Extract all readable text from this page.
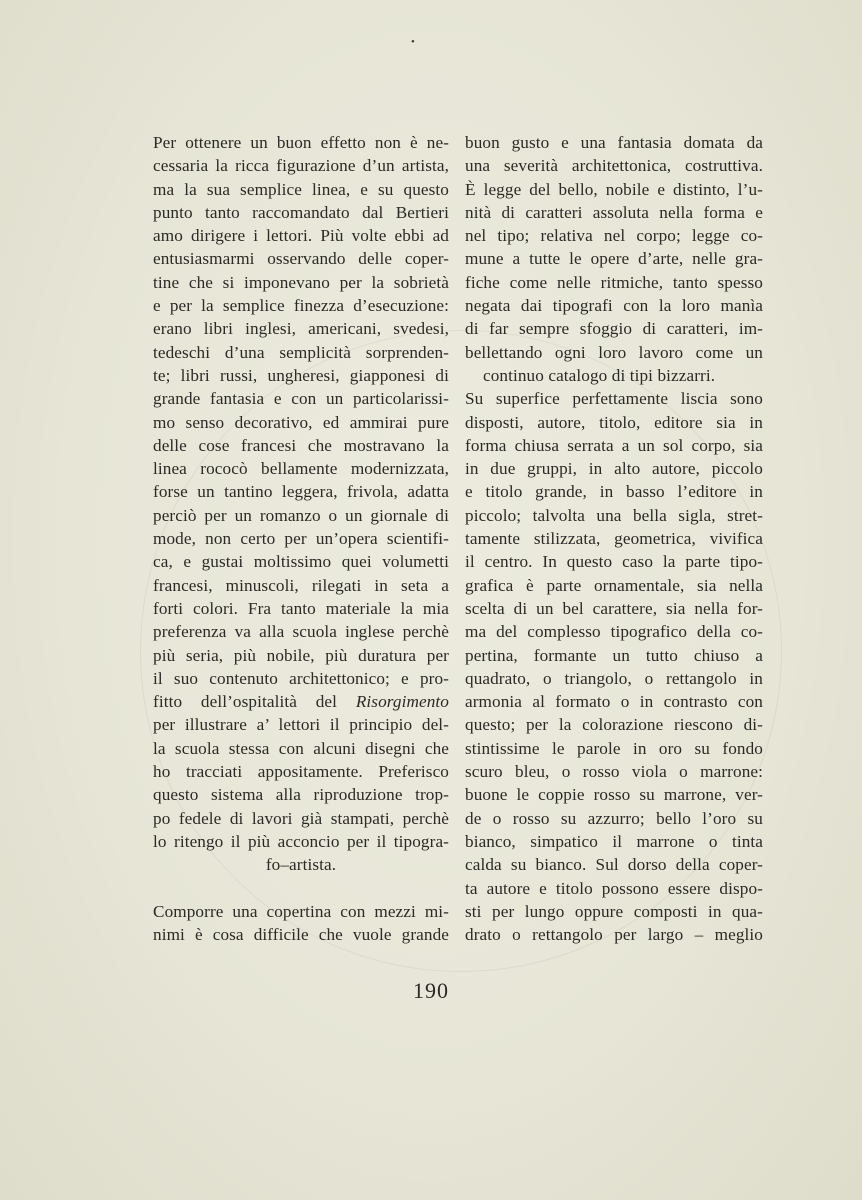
•
Per ottenere un buon effetto non è ne-
cessaria la ricca figurazione d’un artista,
ma la sua semplice linea, e su questo
punto tanto raccomandato dal Bertieri
amo dirigere i lettori. Più volte ebbi ad
entusiasmarmi osservando delle coper-
tine che si imponevano per la sobrietà
e per la semplice finezza d’esecuzione:
erano libri inglesi, americani, svedesi,
tedeschi d’una semplicità sorprenden-
te; libri russi, ungheresi, giapponesi di
grande fantasia e con un particolarissi-
mo senso decorativo, ed ammirai pure
delle cose francesi che mostravano la
linea rococò bellamente modernizzata,
forse un tantino leggera, frivola, adatta
perciò per un romanzo o un giornale di
mode, non certo per un’opera scientifi-
ca, e gustai moltissimo quei volumetti
francesi, minuscoli, rilegati in seta a
forti colori. Fra tanto materiale la mia
preferenza va alla scuola inglese perchè
più seria, più nobile, più duratura per
il suo contenuto architettonico; e pro-
fitto dell’ospitalità del Risorgimento
per illustrare a’ lettori il principio del-
la scuola stessa con alcuni disegni che
ho tracciati appositamente. Preferisco
questo sistema alla riproduzione trop-
po fedele di lavori già stampati, perchè
lo ritengo il più acconcio per il tipogra-
fo–artista.
Comporre una copertina con mezzi mi-
nimi è cosa difficile che vuole grande
buon gusto e una fantasia domata da
una severità architettonica, costruttiva.
È legge del bello, nobile e distinto, l’u-
nità di caratteri assoluta nella forma e
nel tipo; relativa nel corpo; legge co-
mune a tutte le opere d’arte, nelle gra-
fiche come nelle ritmiche, tanto spesso
negata dai tipografi con la loro manìa
di far sempre sfoggio di caratteri, im-
bellettando ogni loro lavoro come un
continuo catalogo di tipi bizzarri.
Su superfice perfettamente liscia sono
disposti, autore, titolo, editore sia in
forma chiusa serrata a un sol corpo, sia
in due gruppi, in alto autore, piccolo
e titolo grande, in basso l’editore in
piccolo; talvolta una bella sigla, stret-
tamente stilizzata, geometrica, vivifica
il centro. In questo caso la parte tipo-
grafica è parte ornamentale, sia nella
scelta di un bel carattere, sia nella for-
ma del complesso tipografico della co-
pertina, formante un tutto chiuso a
quadrato, o triangolo, o rettangolo in
armonia al formato o in contrasto con
questo; per la colorazione riescono di-
stintissime le parole in oro su fondo
scuro bleu, o rosso viola o marrone:
buone le coppie rosso su marrone, ver-
de o rosso su azzurro; bello l’oro su
bianco, simpatico il marrone o tinta
calda su bianco. Sul dorso della coper-
ta autore e titolo possono essere dispo-
sti per lungo oppure composti in qua-
drato o rettangolo per largo – meglio
190
